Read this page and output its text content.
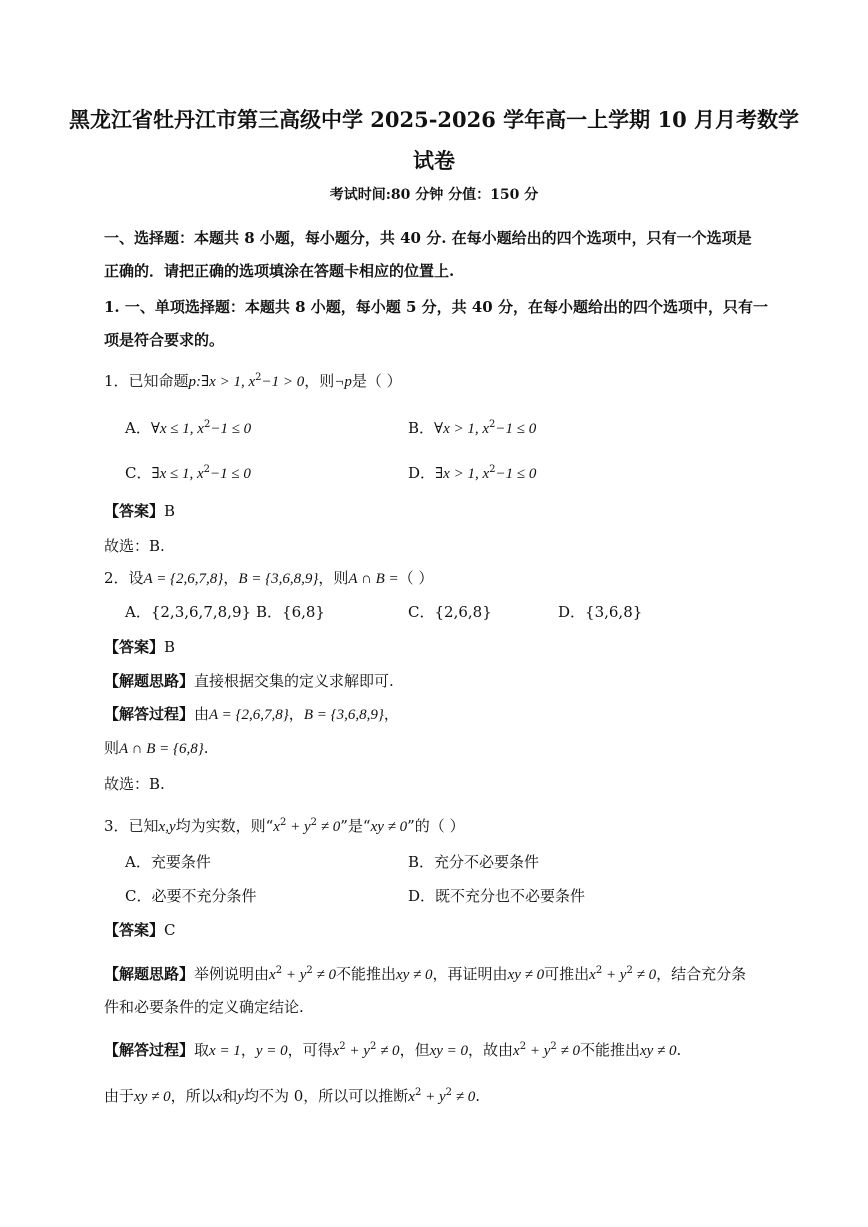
黑龙江省牡丹江市第三高级中学 2025-2026 学年高一上学期 10 月月考数学
试卷
考试时间:80 分钟 分值：150 分
一、选择题：本题共 8 小题，每小题分，共 40 分. 在每小题给出的四个选项中，只有一个选项是
正确的．请把正确的选项填涂在答题卡相应的位置上.
1. 一、单项选择题：本题共 8 小题，每小题 5 分，共 40 分，在每小题给出的四个选项中，只有一
项是符合要求的。
1．已知命题p:∃x > 1, $x^2-1 > 0$，则¬p是（ ）
A．∀x ≤ 1, $x^2-1 \le 0$	B．∀x > 1, $x^2-1 \le 0$
C．∃x ≤ 1, $x^2-1 \le 0$	D．∃x > 1, $x^2-1 \le 0$
【答案】B
故选：B.
2．设A = {2,6,7,8}，B = {3,6,8,9}，则A ∩ B =（ ）
A．{2,3,6,7,8,9} B．{6,8}	C．{2,6,8}	D．{3,6,8}
【答案】B
【解题思路】直接根据交集的定义求解即可.
【解答过程】由A = {2,6,7,8}，B = {3,6,8,9}，
则A ∩ B = {6,8}.
故选：B.
3．已知x,y均为实数，则“$x^2 + y^2 \ne 0$”是“xy ≠ 0”的（ ）
A．充要条件	B．充分不必要条件
C．必要不充分条件	D．既不充分也不必要条件
【答案】C
【解题思路】举例说明由$x^2 + y^2 \ne 0$不能推出xy ≠ 0，再证明由xy ≠ 0可推出$x^2 + y^2 \ne 0$，结合充分条
件和必要条件的定义确定结论.
【解答过程】取x = 1，y = 0，可得$x^2 + y^2 \ne 0$，但xy = 0，故由$x^2 + y^2 \ne 0$不能推出xy ≠ 0.
由于xy ≠ 0，所以x和y均不为 0，所以可以推断$x^2 + y^2 \ne 0$.
